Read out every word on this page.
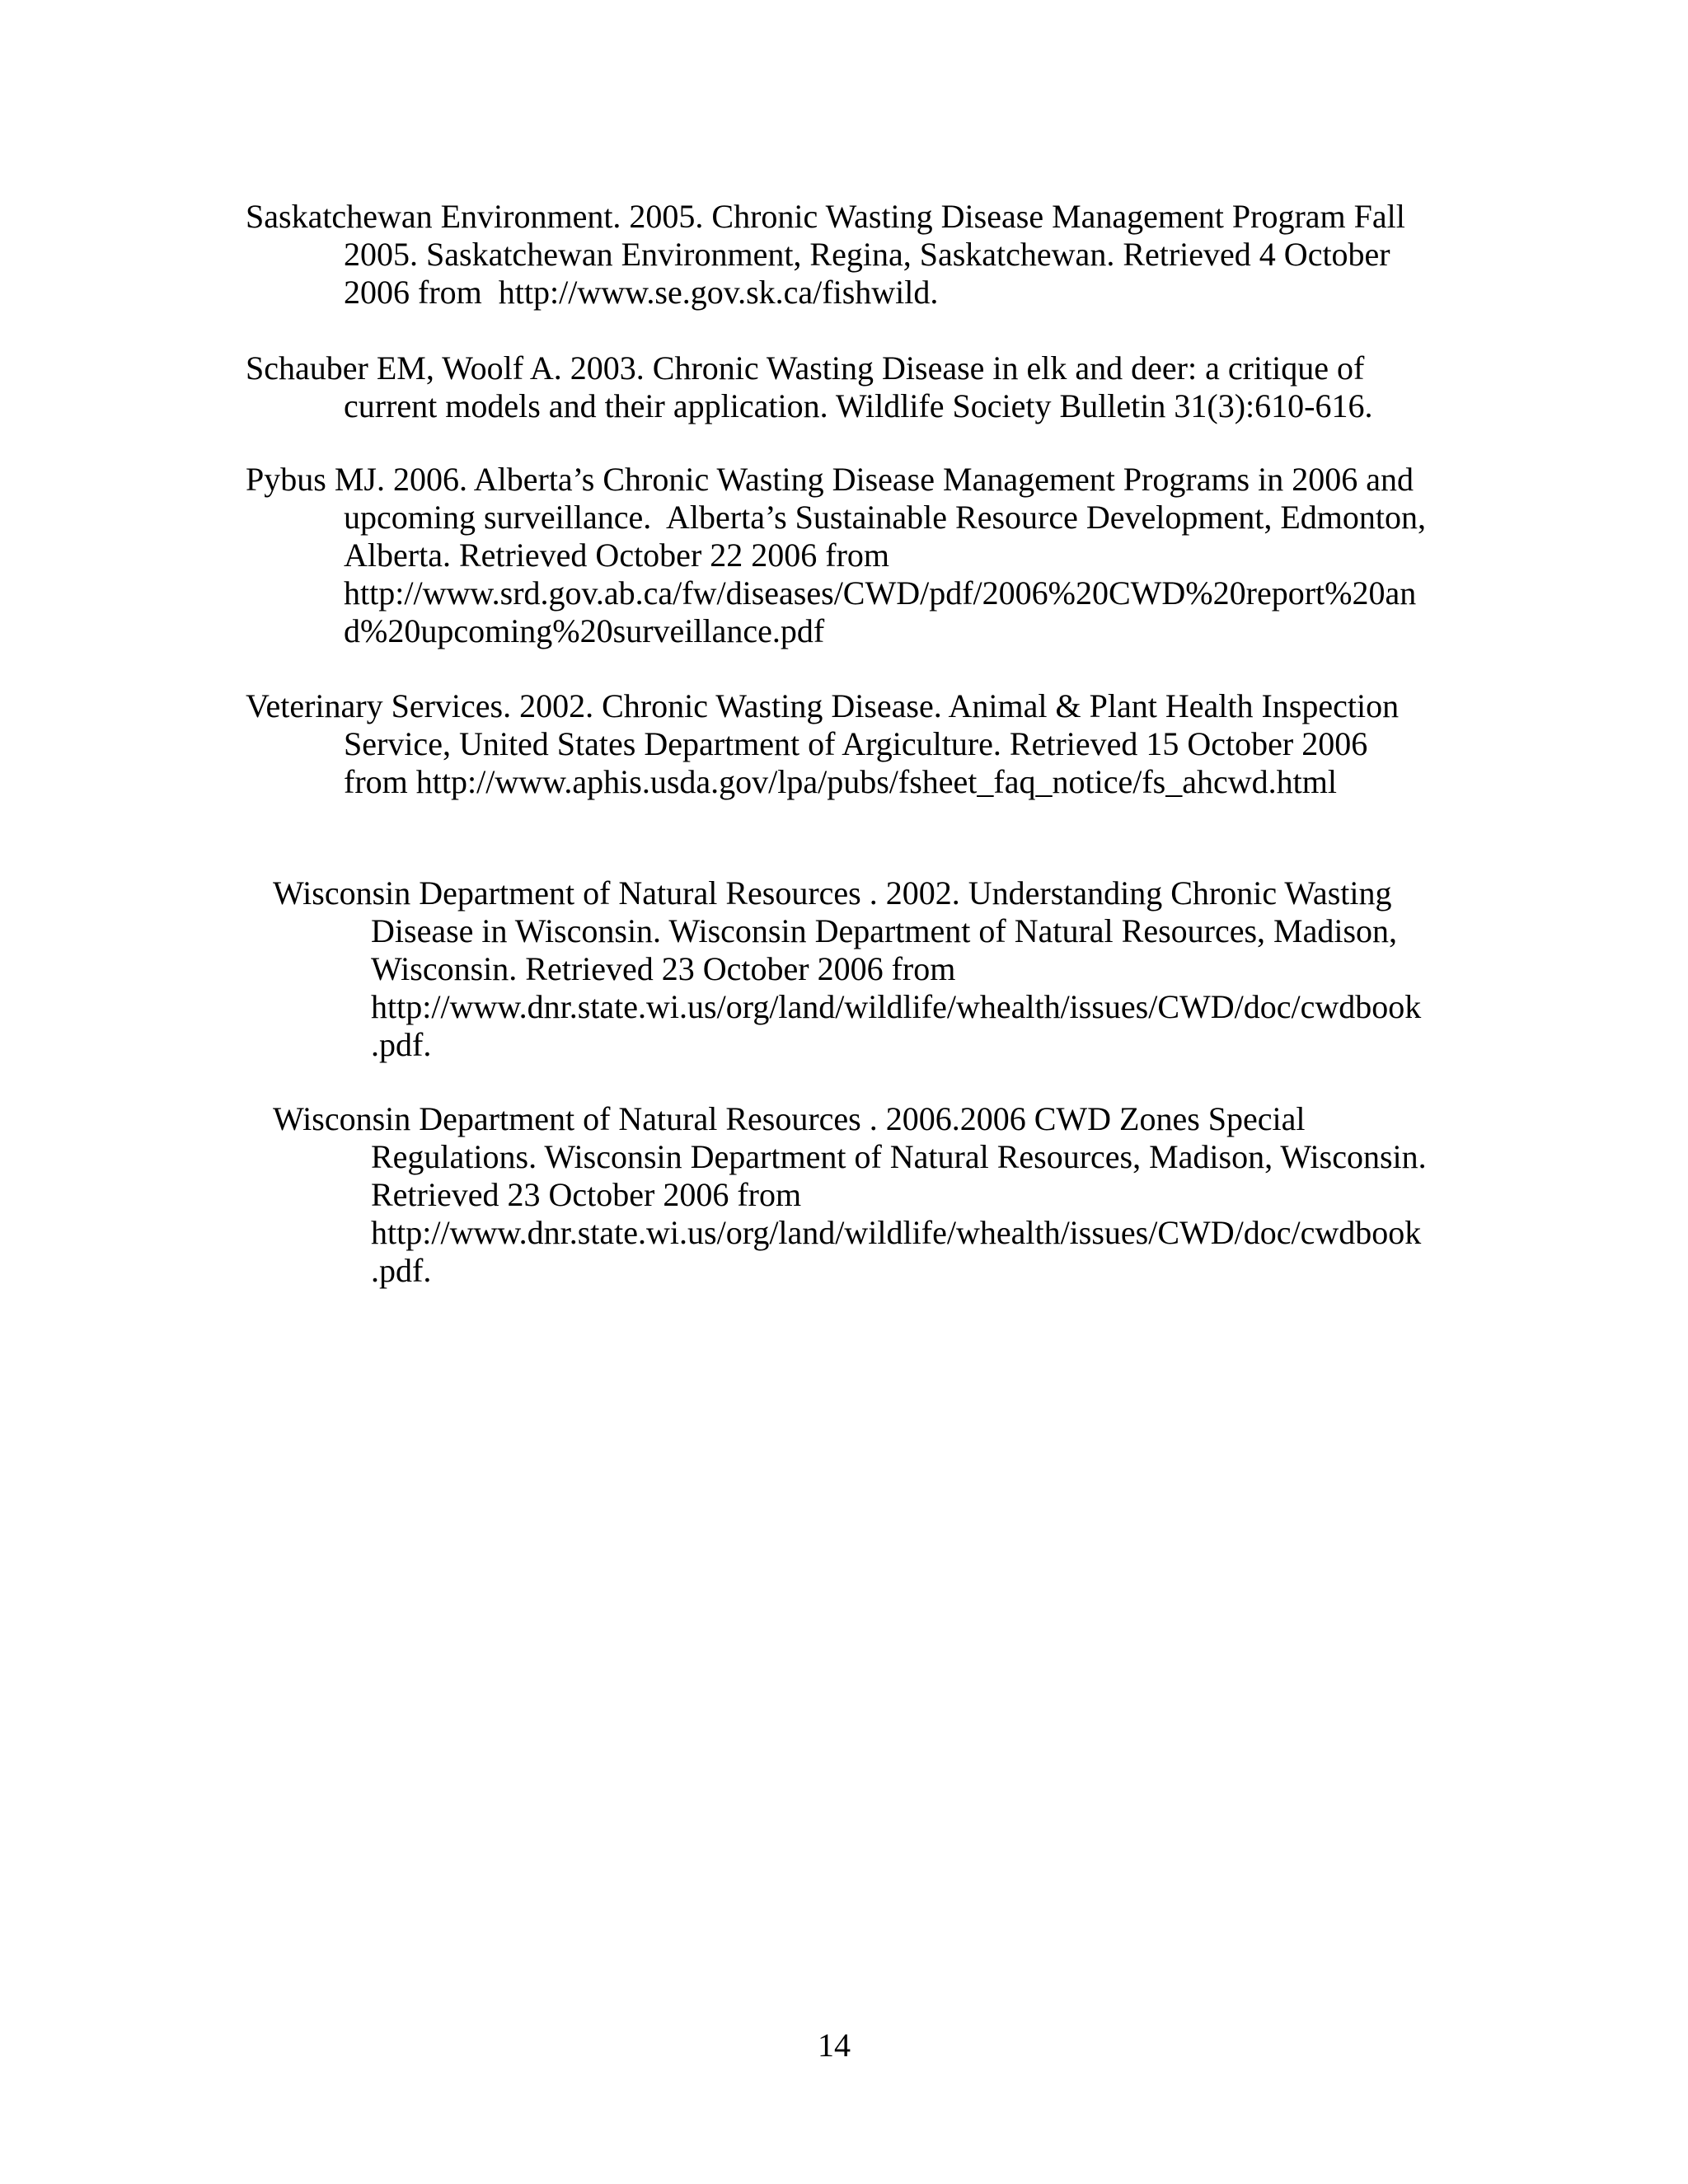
Saskatchewan Environment. 2005. Chronic Wasting Disease Management Program Fall
2005. Saskatchewan Environment, Regina, Saskatchewan. Retrieved 4 October
2006 from  http://www.se.gov.sk.ca/fishwild.
Schauber EM, Woolf A. 2003. Chronic Wasting Disease in elk and deer: a critique of
current models and their application. Wildlife Society Bulletin 31(3):610-616.
Pybus MJ. 2006. Alberta’s Chronic Wasting Disease Management Programs in 2006 and
upcoming surveillance.  Alberta’s Sustainable Resource Development, Edmonton,
Alberta. Retrieved October 22 2006 from
http://www.srd.gov.ab.ca/fw/diseases/CWD/pdf/2006%20CWD%20report%20an
d%20upcoming%20surveillance.pdf
Veterinary Services. 2002. Chronic Wasting Disease. Animal & Plant Health Inspection
Service, United States Department of Argiculture. Retrieved 15 October 2006
from http://www.aphis.usda.gov/lpa/pubs/fsheet_faq_notice/fs_ahcwd.html
Wisconsin Department of Natural Resources . 2002. Understanding Chronic Wasting
Disease in Wisconsin. Wisconsin Department of Natural Resources, Madison,
Wisconsin. Retrieved 23 October 2006 from
http://www.dnr.state.wi.us/org/land/wildlife/whealth/issues/CWD/doc/cwdbook
.pdf.
Wisconsin Department of Natural Resources . 2006.2006 CWD Zones Special
Regulations. Wisconsin Department of Natural Resources, Madison, Wisconsin.
Retrieved 23 October 2006 from
http://www.dnr.state.wi.us/org/land/wildlife/whealth/issues/CWD/doc/cwdbook
.pdf.
14
